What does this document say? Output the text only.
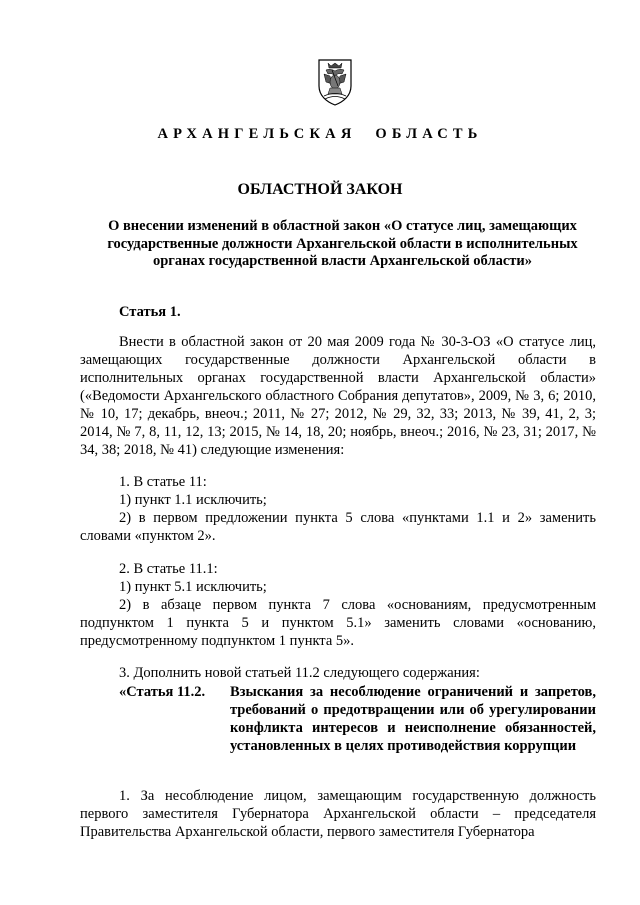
АРХАНГЕЛЬСКАЯ ОБЛАСТЬ
ОБЛАСТНОЙ ЗАКОН
О внесении изменений в областной закон «О статусе лиц, замещающих государственные должности Архангельской области в исполнительных органах государственной власти Архангельской области»
Статья 1.

Внести в областной закон от 20 мая 2009 года № 30-3-ОЗ «О статусе лиц, замещающих государственные должности Архангельской области в исполнительных органах государственной власти Архангельской области» («Ведомости Архангельского областного Собрания депутатов», 2009, № 3, 6; 2010, № 10, 17; декабрь, внеоч.; 2011, № 27; 2012, № 29, 32, 33; 2013, № 39, 41, 2, 3; 2014, № 7, 8, 11, 12, 13; 2015, № 14, 18, 20; ноябрь, внеоч.; 2016, № 23, 31; 2017, № 34, 38; 2018, № 41) следующие изменения:

1. В статье 11:

1) пункт 1.1 исключить;

2) в первом предложении пункта 5 слова «пунктами 1.1 и 2» заменить словами «пунктом 2».

2. В статье 11.1:

1) пункт 5.1 исключить;

2) в абзаце первом пункта 7 слова «основаниям, предусмотренным подпунктом 1 пункта 5 и пунктом 5.1» заменить словами «основанию, предусмотренному подпунктом 1 пункта 5».

3. Дополнить новой статьей 11.2 следующего содержания:

«Статья 11.2. Взыскания за несоблюдение ограничений и запретов, требований о предотвращении или об урегулировании конфликта интересов и неисполнение обязанностей, установленных в целях противодействия коррупции

1. За несоблюдение лицом, замещающим государственную должность первого заместителя Губернатора Архангельской области – председателя Правительства Архангельской области, первого заместителя Губернатора
